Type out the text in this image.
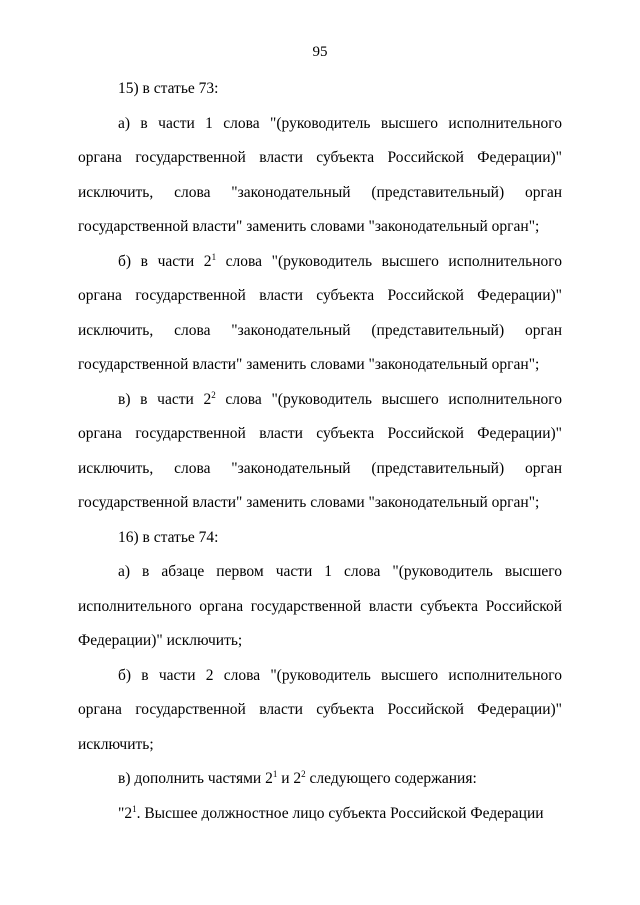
95

15) в статье 73:

а) в части 1 слова "(руководитель высшего исполнительного органа государственной власти субъекта Российской Федерации)" исключить, слова "законодательный (представительный) орган государственной власти" заменить словами "законодательный орган";

б) в части $2^1$ слова "(руководитель высшего исполнительного органа государственной власти субъекта Российской Федерации)" исключить, слова "законодательный (представительный) орган государственной власти" заменить словами "законодательный орган";

в) в части $2^2$ слова "(руководитель высшего исполнительного органа государственной власти субъекта Российской Федерации)" исключить, слова "законодательный (представительный) орган государственной власти" заменить словами "законодательный орган";

16) в статье 74:

а) в абзаце первом части 1 слова "(руководитель высшего исполнительного органа государственной власти субъекта Российской Федерации)" исключить;

б) в части 2 слова "(руководитель высшего исполнительного органа государственной власти субъекта Российской Федерации)" исключить;

в) дополнить частями $2^1$ и $2^2$ следующего содержания:

"$2^1$. Высшее должностное лицо субъекта Российской Федерации
